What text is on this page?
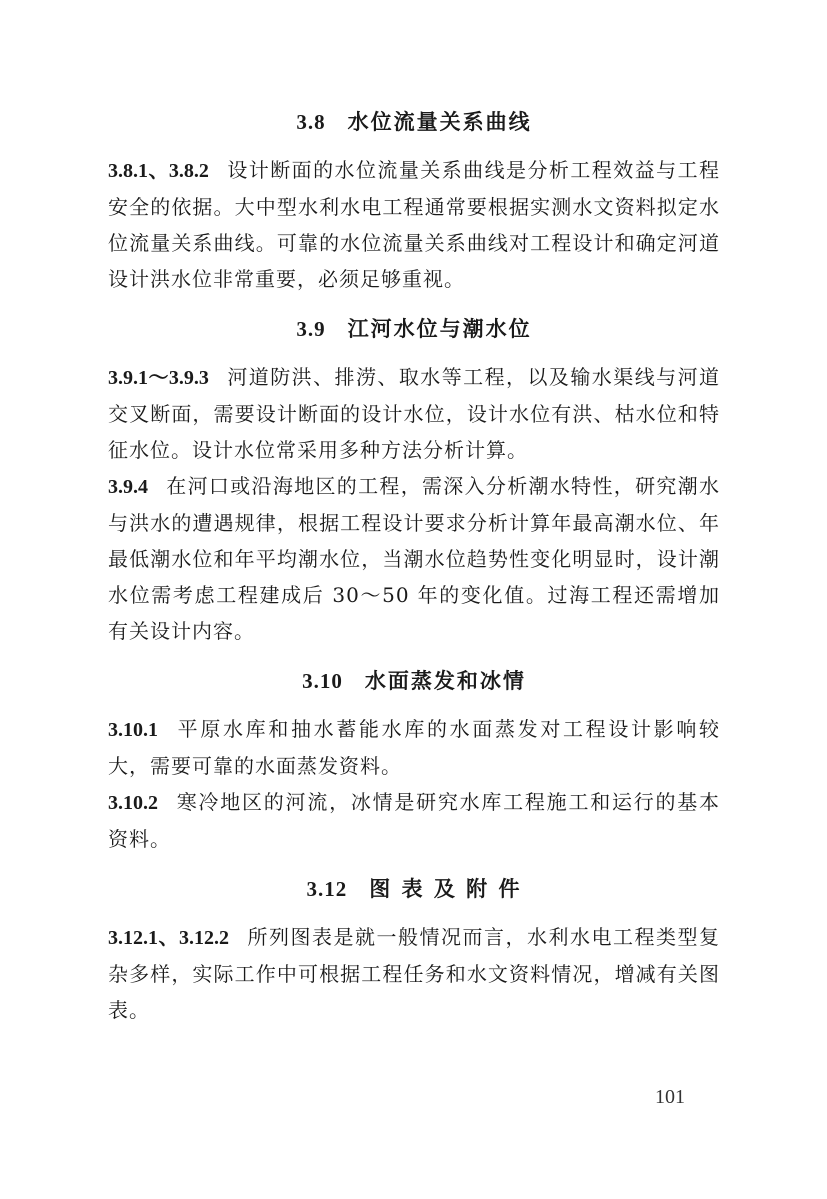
3.8 水位流量关系曲线

3.8.1、3.8.2 设计断面的水位流量关系曲线是分析工程效益与工程安全的依据。大中型水利水电工程通常要根据实测水文资料拟定水位流量关系曲线。可靠的水位流量关系曲线对工程设计和确定河道设计洪水位非常重要，必须足够重视。

3.9 江河水位与潮水位

3.9.1～3.9.3 河道防洪、排涝、取水等工程，以及输水渠线与河道交叉断面，需要设计断面的设计水位，设计水位有洪、枯水位和特征水位。设计水位常采用多种方法分析计算。

3.9.4 在河口或沿海地区的工程，需深入分析潮水特性，研究潮水与洪水的遭遇规律，根据工程设计要求分析计算年最高潮水位、年最低潮水位和年平均潮水位，当潮水位趋势性变化明显时，设计潮水位需考虑工程建成后 30～50 年的变化值。过海工程还需增加有关设计内容。

3.10 水面蒸发和冰情

3.10.1 平原水库和抽水蓄能水库的水面蒸发对工程设计影响较大，需要可靠的水面蒸发资料。

3.10.2 寒冷地区的河流，冰情是研究水库工程施工和运行的基本资料。

3.12 图 表 及 附 件

3.12.1、3.12.2 所列图表是就一般情况而言，水利水电工程类型复杂多样，实际工作中可根据工程任务和水文资料情况，增减有关图表。

101
